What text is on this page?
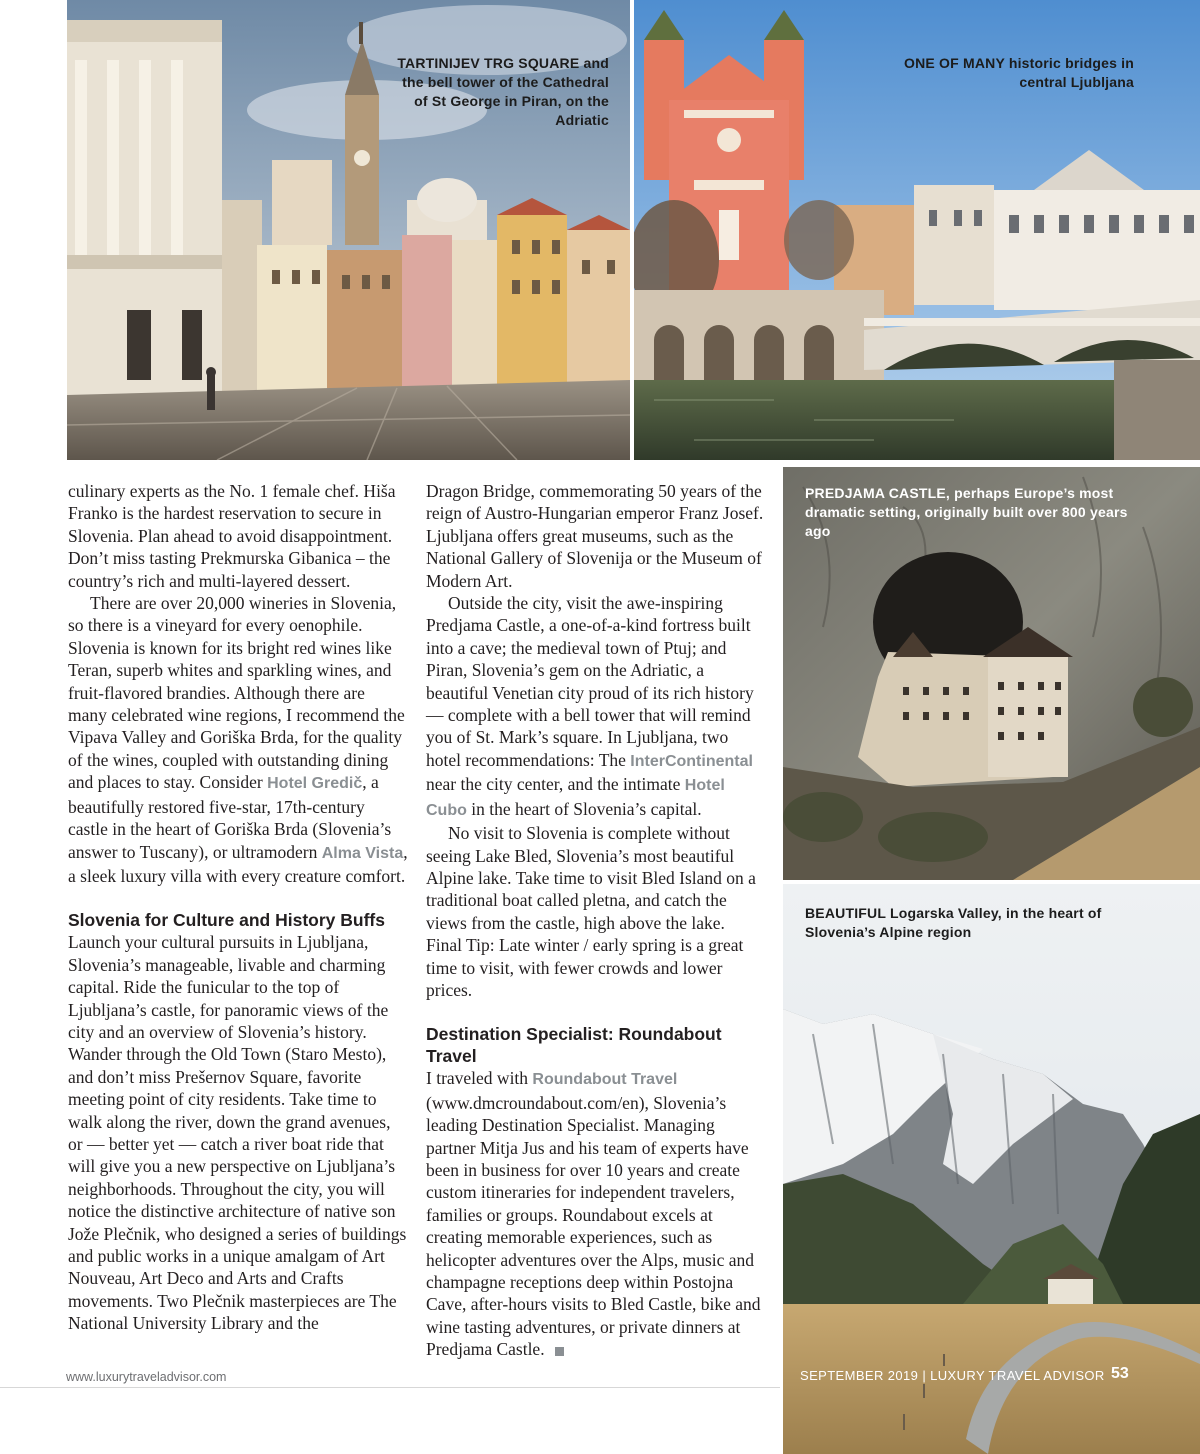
TARTINIJEV TRG SQUARE and the bell tower of the Cathedral of St George in Piran, on the Adriatic
ONE OF MANY historic bridges in central Ljubljana
PREDJAMA CASTLE, perhaps Europe’s most dramatic setting, originally built over 800 years ago
BEAUTIFUL Logarska Valley, in the heart of Slovenia’s Alpine region

culinary experts as the No. 1 female chef. Hiša Franko is the hardest reservation to secure in Slovenia. Plan ahead to avoid disappointment. Don’t miss tasting Prekmurska Gibanica – the country’s rich and multi-layered dessert.

There are over 20,000 wineries in Slovenia, so there is a vineyard for every oenophile. Slovenia is known for its bright red wines like Teran, superb whites and sparkling wines, and fruit-flavored brandies. Although there are many celebrated wine regions, I recommend the Vipava Valley and Goriška Brda, for the quality of the wines, coupled with outstanding dining and places to stay. Consider Hotel Gredič, a beautifully restored five-star, 17th-century castle in the heart of Goriška Brda (Slovenia’s answer to Tuscany), or ultramodern Alma Vista, a sleek luxury villa with every creature comfort.

Slovenia for Culture and History Buffs

Launch your cultural pursuits in Ljubljana, Slovenia’s manageable, livable and charming capital. Ride the funicular to the top of Ljubljana’s castle, for panoramic views of the city and an overview of Slovenia’s history. Wander through the Old Town (Staro Mesto), and don’t miss Prešernov Square, favorite meeting point of city residents. Take time to walk along the river, down the grand avenues, or — better yet — catch a river boat ride that will give you a new perspective on Ljubljana’s neighborhoods. Throughout the city, you will notice the distinctive architecture of native son Jože Plečnik, who designed a series of buildings and public works in a unique amalgam of Art Nouveau, Art Deco and Arts and Crafts movements. Two Plečnik masterpieces are The National University Library and the

Dragon Bridge, commemorating 50 years of the reign of Austro-Hungarian emperor Franz Josef. Ljubljana offers great museums, such as the National Gallery of Slovenija or the Museum of Modern Art.

Outside the city, visit the awe-inspiring Predjama Castle, a one-of-a-kind fortress built into a cave; the medieval town of Ptuj; and Piran, Slovenia’s gem on the Adriatic, a beautiful Venetian city proud of its rich history — complete with a bell tower that will remind you of St. Mark’s square. In Ljubljana, two hotel recommendations: The InterContinental near the city center, and the intimate Hotel Cubo in the heart of Slovenia’s capital.

No visit to Slovenia is complete without seeing Lake Bled, Slovenia’s most beautiful Alpine lake. Take time to visit Bled Island on a traditional boat called pletna, and catch the views from the castle, high above the lake. Final Tip: Late winter / early spring is a great time to visit, with fewer crowds and lower prices.

Destination Specialist: Roundabout Travel

I traveled with Roundabout Travel (www.dmcroundabout.com/en), Slovenia’s leading Destination Specialist. Managing partner Mitja Jus and his team of experts have been in business for over 10 years and create custom itineraries for independent travelers, families or groups. Roundabout excels at creating memorable experiences, such as helicopter adventures over the Alps, music and champagne receptions deep within Postojna Cave, after-hours visits to Bled Castle, bike and wine tasting adventures, or private dinners at Predjama Castle.

www.luxurytraveladvisor.com	SEPTEMBER 2019 | LUXURY TRAVEL ADVISOR 53
